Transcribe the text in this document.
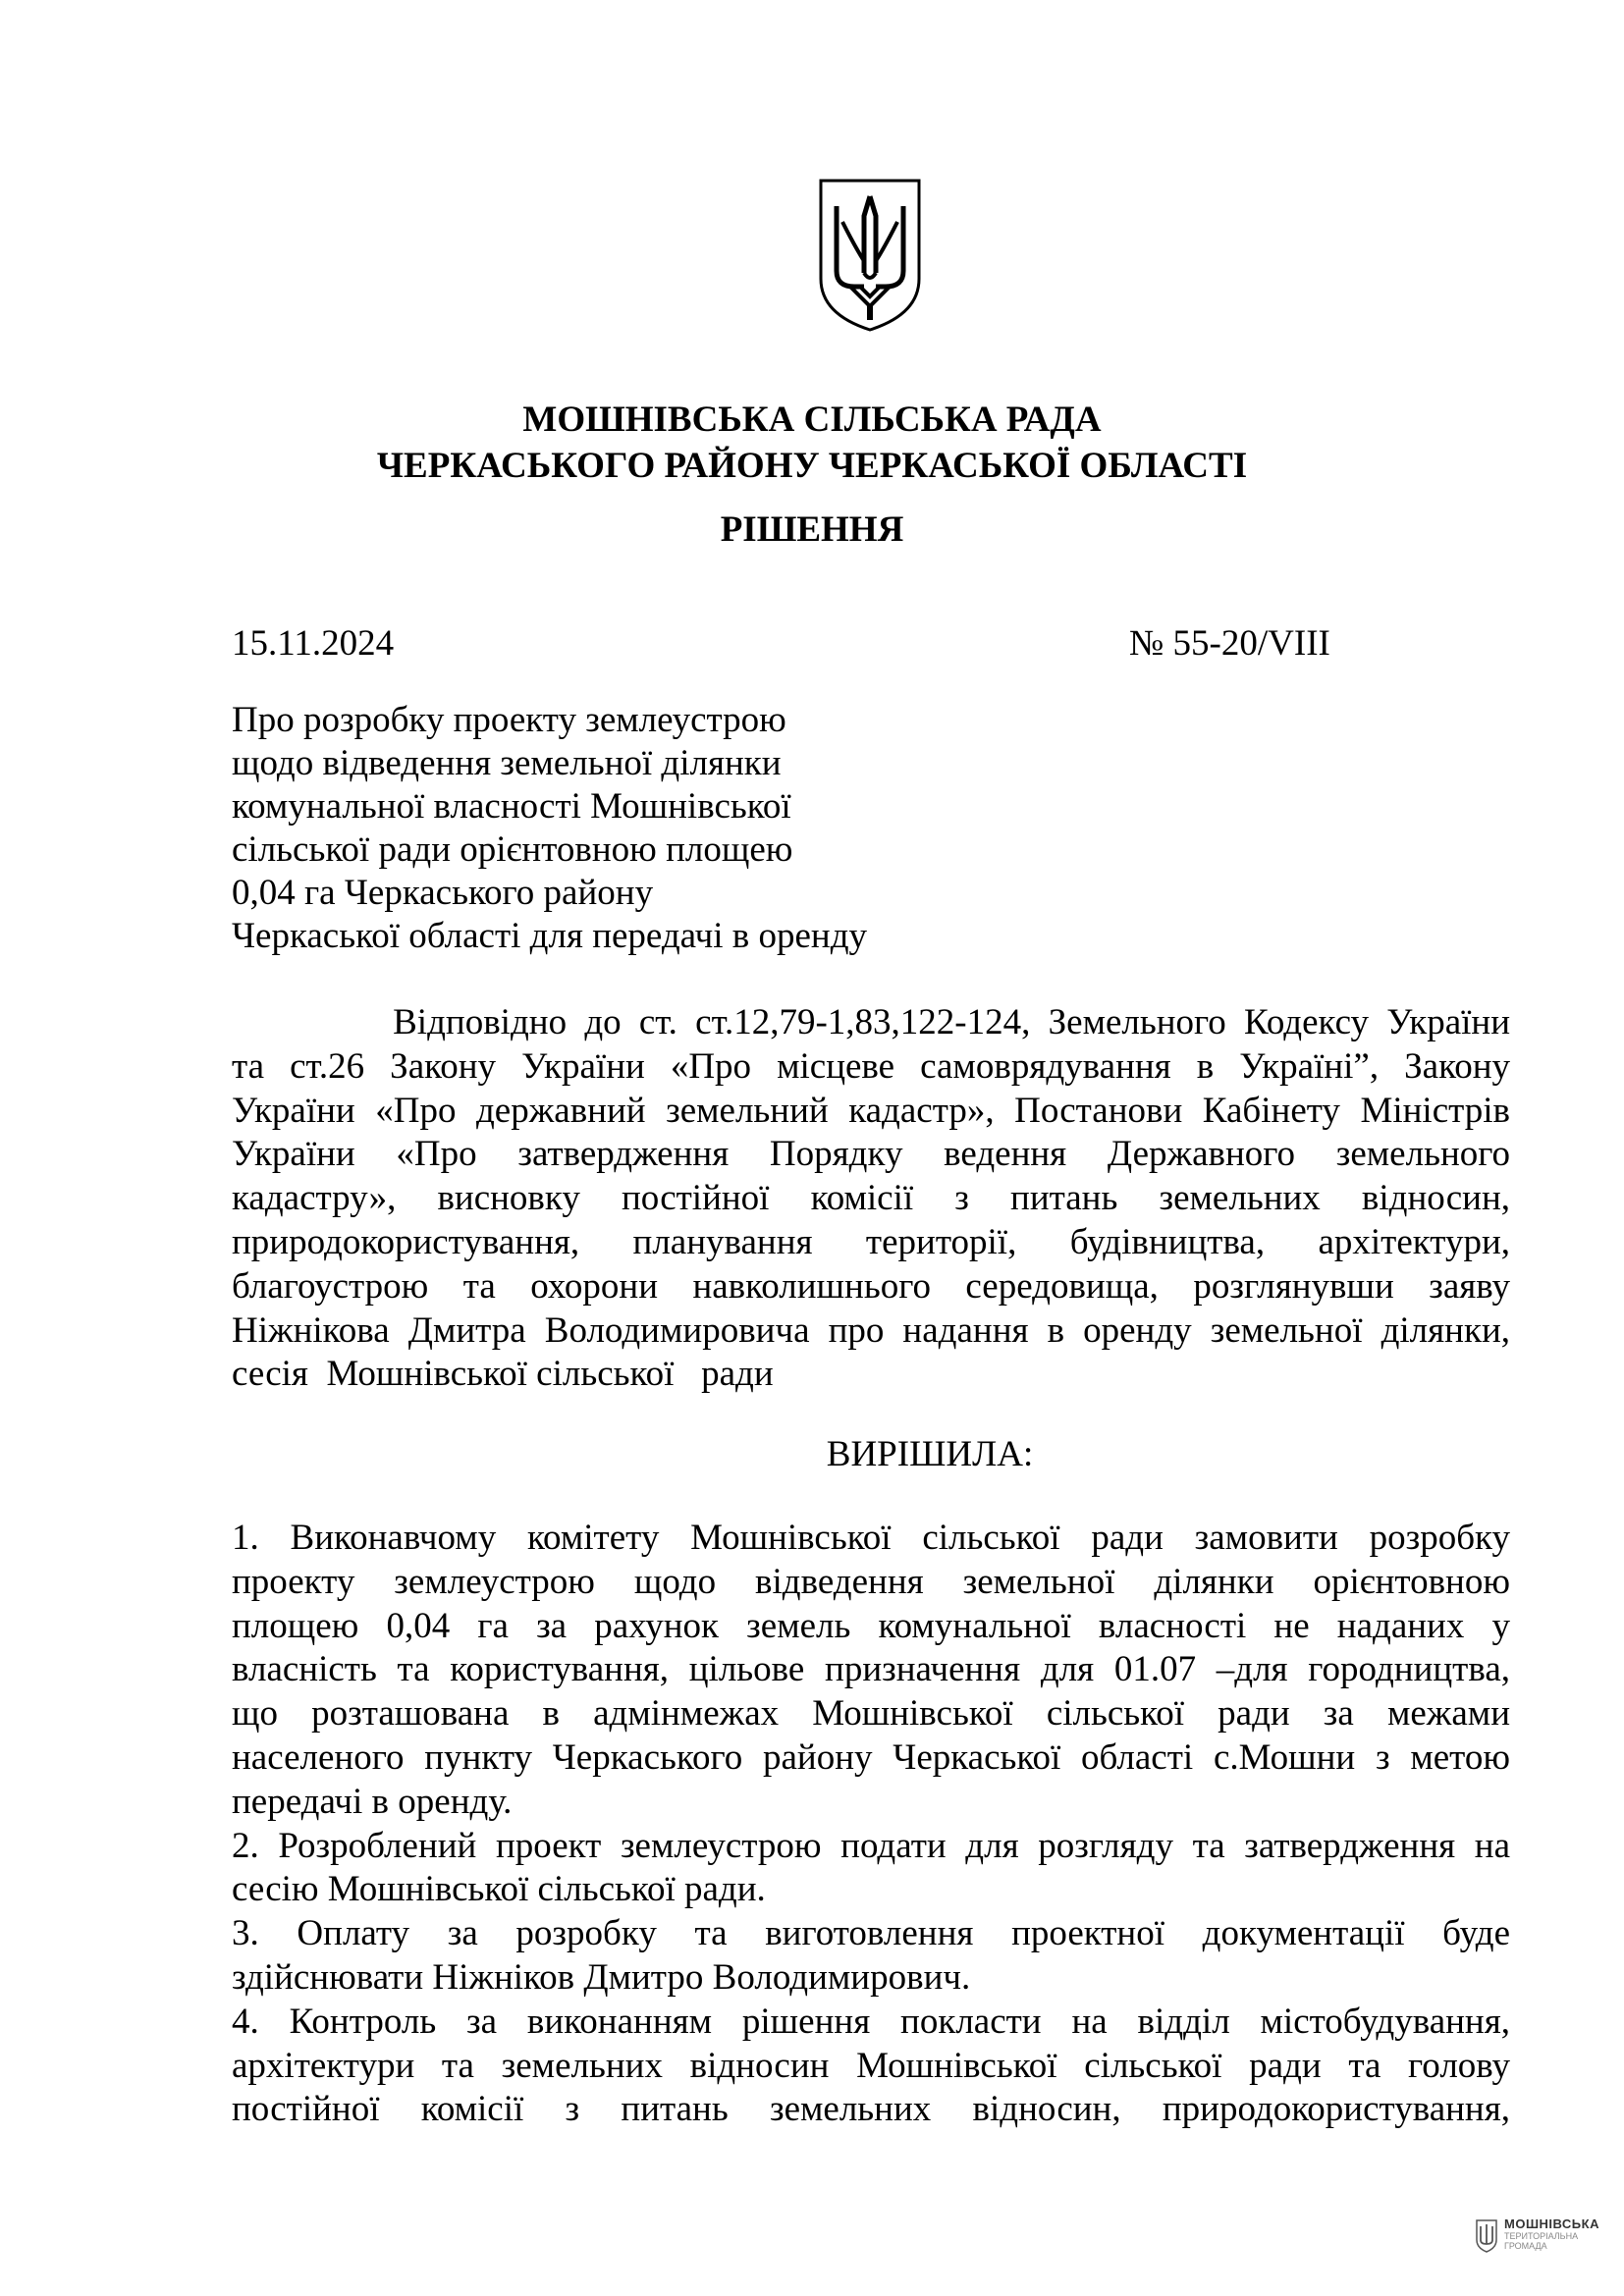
МОШНІВСЬКА СІЛЬСЬКА РАДА
ЧЕРКАСЬКОГО РАЙОНУ ЧЕРКАСЬКОЇ ОБЛАСТІ
РІШЕННЯ
15.11.2024	№ 55-20/VIII
Про розробку проекту землеустрою
щодо відведення земельної ділянки
комунальної власності Мошнівської
сільської ради орієнтовною площею
0,04 га Черкаського району
Черкаської області для передачі в оренду
Відповідно до ст. ст.12,79-1,83,122-124, Земельного Кодексу України
та ст.26 Закону України «Про місцеве самоврядування в Україні”, Закону
України «Про державний земельний кадастр», Постанови Кабінету Міністрів
України «Про затвердження Порядку ведення Державного земельного
кадастру», висновку постійної комісії з питань земельних відносин,
природокористування, планування території, будівництва, архітектури,
благоустрою та охорони навколишнього середовища, розглянувши заяву
Ніжнікова Дмитра Володимировича про надання в оренду земельної ділянки,
сесія  Мошнівської сільської   ради
ВИРІШИЛА:
1. Виконавчому комітету Мошнівської сільської ради замовити розробку
проекту землеустрою щодо відведення земельної ділянки орієнтовною
площею 0,04 га за рахунок земель комунальної власності не наданих у
власність та користування, цільове призначення для 01.07 –для городництва,
що розташована в адмінмежах Мошнівської сільської ради за межами
населеного пункту Черкаського району Черкаської області с.Мошни з метою
передачі в оренду.
2. Розроблений проект землеустрою подати для розгляду та затвердження на
сесію Мошнівської сільської ради.
3. Оплату за розробку та виготовлення проектної документації буде
здійснювати Ніжніков Дмитро Володимирович.
4. Контроль за виконанням рішення покласти на відділ містобудування,
архітектури та земельних відносин Мошнівської сільської ради та голову
постійної комісії з питань земельних відносин, природокористування,
МОШНІВСЬКА
ТЕРИТОРІАЛЬНА
ГРОМАДА
